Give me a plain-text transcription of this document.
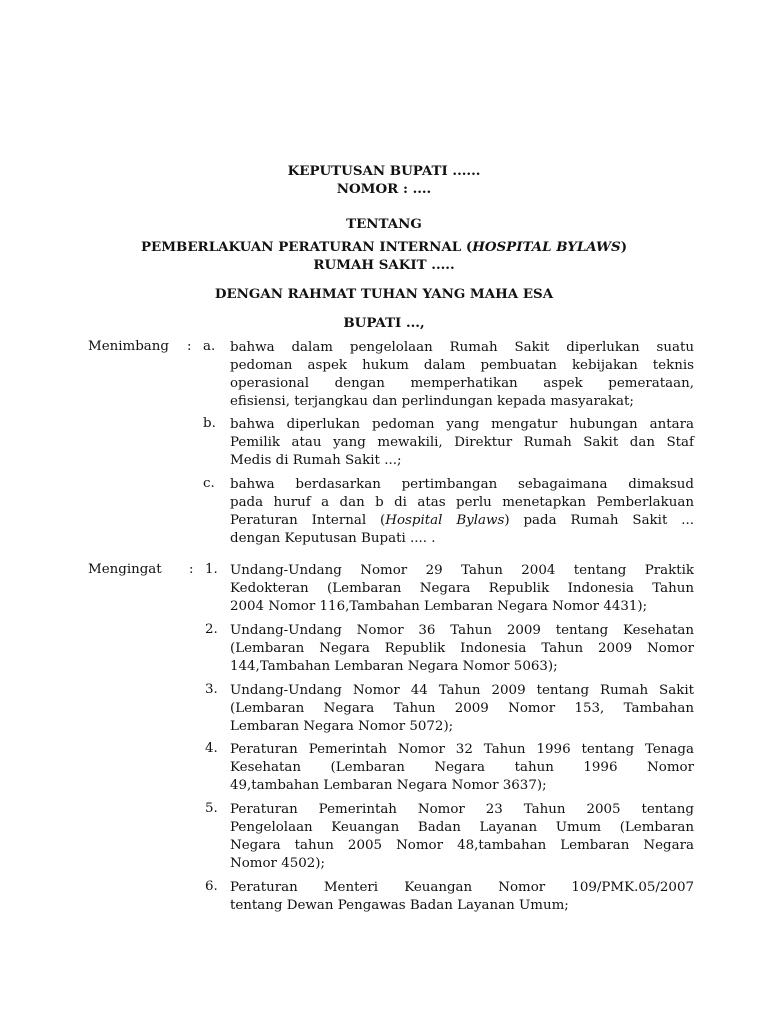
KEPUTUSAN BUPATI ......
NOMOR : ....
TENTANG
PEMBERLAKUAN PERATURAN INTERNAL (HOSPITAL BYLAWS)
RUMAH SAKIT .....
DENGAN RAHMAT TUHAN YANG MAHA ESA
BUPATI ...,
Menimbang : a. bahwa dalam pengelolaan Rumah Sakit diperlukan suatu
pedoman aspek hukum dalam pembuatan kebijakan teknis
operasional dengan memperhatikan aspek pemerataan,
efisiensi, terjangkau dan perlindungan kepada masyarakat;
b. bahwa diperlukan pedoman yang mengatur hubungan antara
Pemilik atau yang mewakili, Direktur Rumah Sakit dan Staf
Medis di Rumah Sakit ...;
c. bahwa berdasarkan pertimbangan sebagaimana dimaksud
pada huruf a dan b di atas perlu menetapkan Pemberlakuan
Peraturan Internal (Hospital Bylaws) pada Rumah Sakit ...
dengan Keputusan Bupati .... .
Mengingat : 1. Undang-Undang Nomor 29 Tahun 2004 tentang Praktik
Kedokteran (Lembaran Negara Republik Indonesia Tahun
2004 Nomor 116,Tambahan Lembaran Negara Nomor 4431);
2. Undang-Undang Nomor 36 Tahun 2009 tentang Kesehatan
(Lembaran Negara Republik Indonesia Tahun 2009 Nomor
144,Tambahan Lembaran Negara Nomor 5063);
3. Undang-Undang Nomor 44 Tahun 2009 tentang Rumah Sakit
(Lembaran Negara Tahun 2009 Nomor 153, Tambahan
Lembaran Negara Nomor 5072);
4. Peraturan Pemerintah Nomor 32 Tahun 1996 tentang Tenaga
Kesehatan (Lembaran Negara tahun 1996 Nomor
49,tambahan Lembaran Negara Nomor 3637);
5. Peraturan Pemerintah Nomor 23 Tahun 2005 tentang
Pengelolaan Keuangan Badan Layanan Umum (Lembaran
Negara tahun 2005 Nomor 48,tambahan Lembaran Negara
Nomor 4502);
6. Peraturan Menteri Keuangan Nomor 109/PMK.05/2007
tentang Dewan Pengawas Badan Layanan Umum;
